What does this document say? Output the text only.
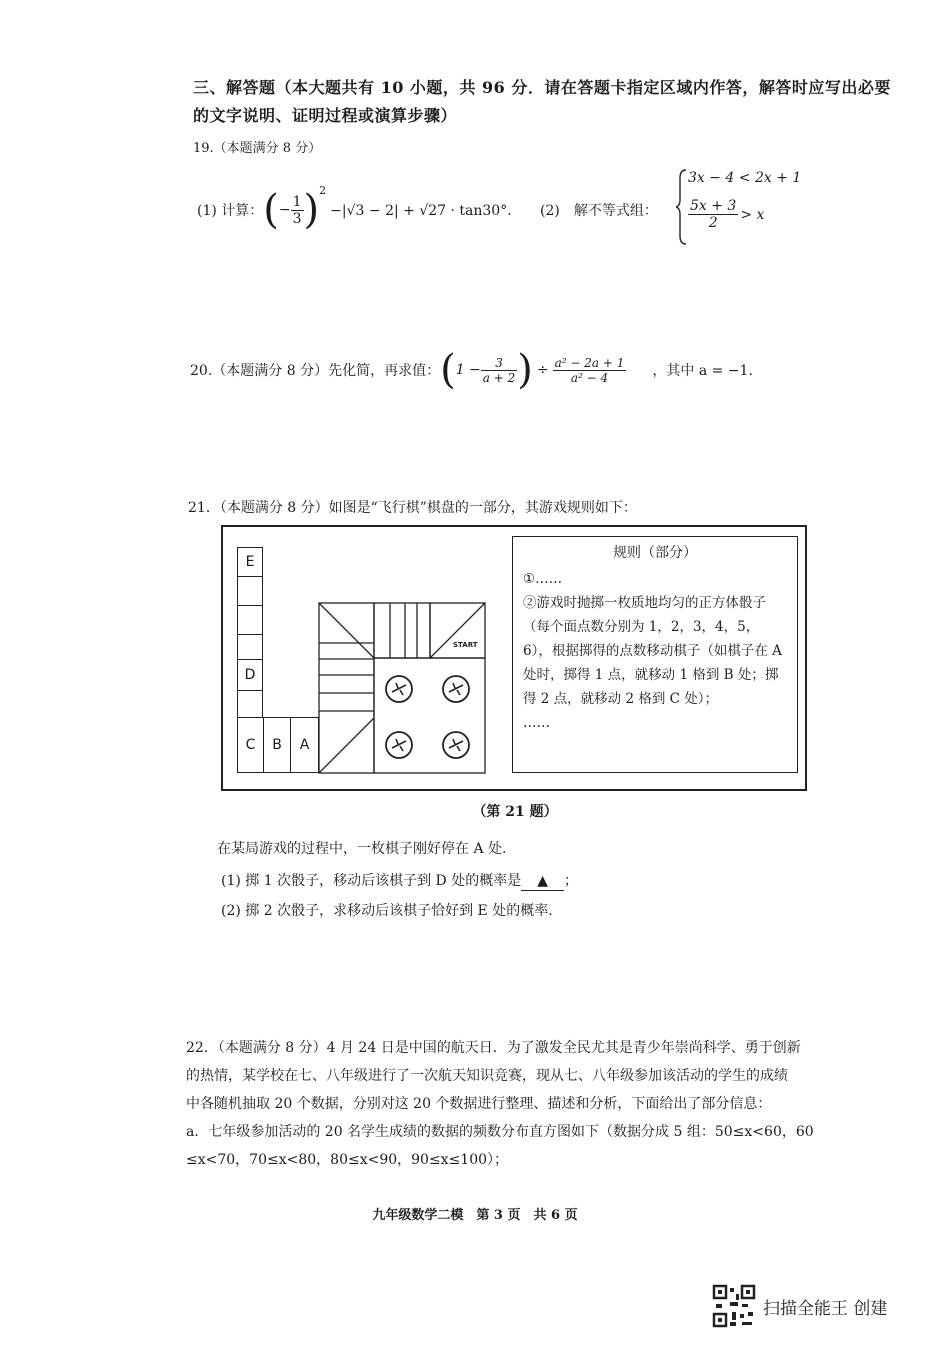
三、解答题（本大题共有 10 小题，共 96 分．请在答题卡指定区域内作答，解答时应写出必要的文字说明、证明过程或演算步骤）
19.（本题满分 8 分）
(1) 计算： ( − $\frac{1}{3} )^2$
−|√3 − 2| + √27 · tan30°． (2)　解不等式组：
3x − 4 < 2x + 1
$\frac{5x + 3}{2} > x$
20.（本题满分 8 分）先化简，再求值： ( $1 - \frac{3}{a + 2}$ ) ÷ $\frac{\text{a² − 2a + 1}}{\text{a² − 4}}$ ，其中 a = −1．
21．（本题满分 8 分）如图是“飞行棋”棋盘的一部分，其游戏规则如下：
E
D
C	B	A
START
规则（部分）
①……
②游戏时抛掷一枚质地均匀的正方体骰子（每个面点数分别为 1，2，3，4，5，6），根据掷得的点数移动棋子（如棋子在 A 处时，掷得 1 点，就移动 1 格到 B 处；掷得 2 点，就移动 2 格到 C 处）；
……
（第 21 题）
在某局游戏的过程中，一枚棋子刚好停在 A 处.
(1) 掷 1 次骰子，移动后该棋子到 D 处的概率是 ▲ ；
(2) 掷 2 次骰子，求移动后该棋子恰好到 E 处的概率.
22．（本题满分 8 分）4 月 24 日是中国的航天日．为了激发全民尤其是青少年崇尚科学、勇于创新
的热情，某学校在七、八年级进行了一次航天知识竞赛，现从七、八年级参加该活动的学生的成绩
中各随机抽取 20 个数据，分别对这 20 个数据进行整理、描述和分析，下面给出了部分信息：
a．七年级参加活动的 20 名学生成绩的数据的频数分布直方图如下（数据分成 5 组：50≤x<60，60
≤x<70，70≤x<80，80≤x<90，90≤x≤100）；
九年级数学二模　第 3 页　共 6 页
扫描全能王 创建
